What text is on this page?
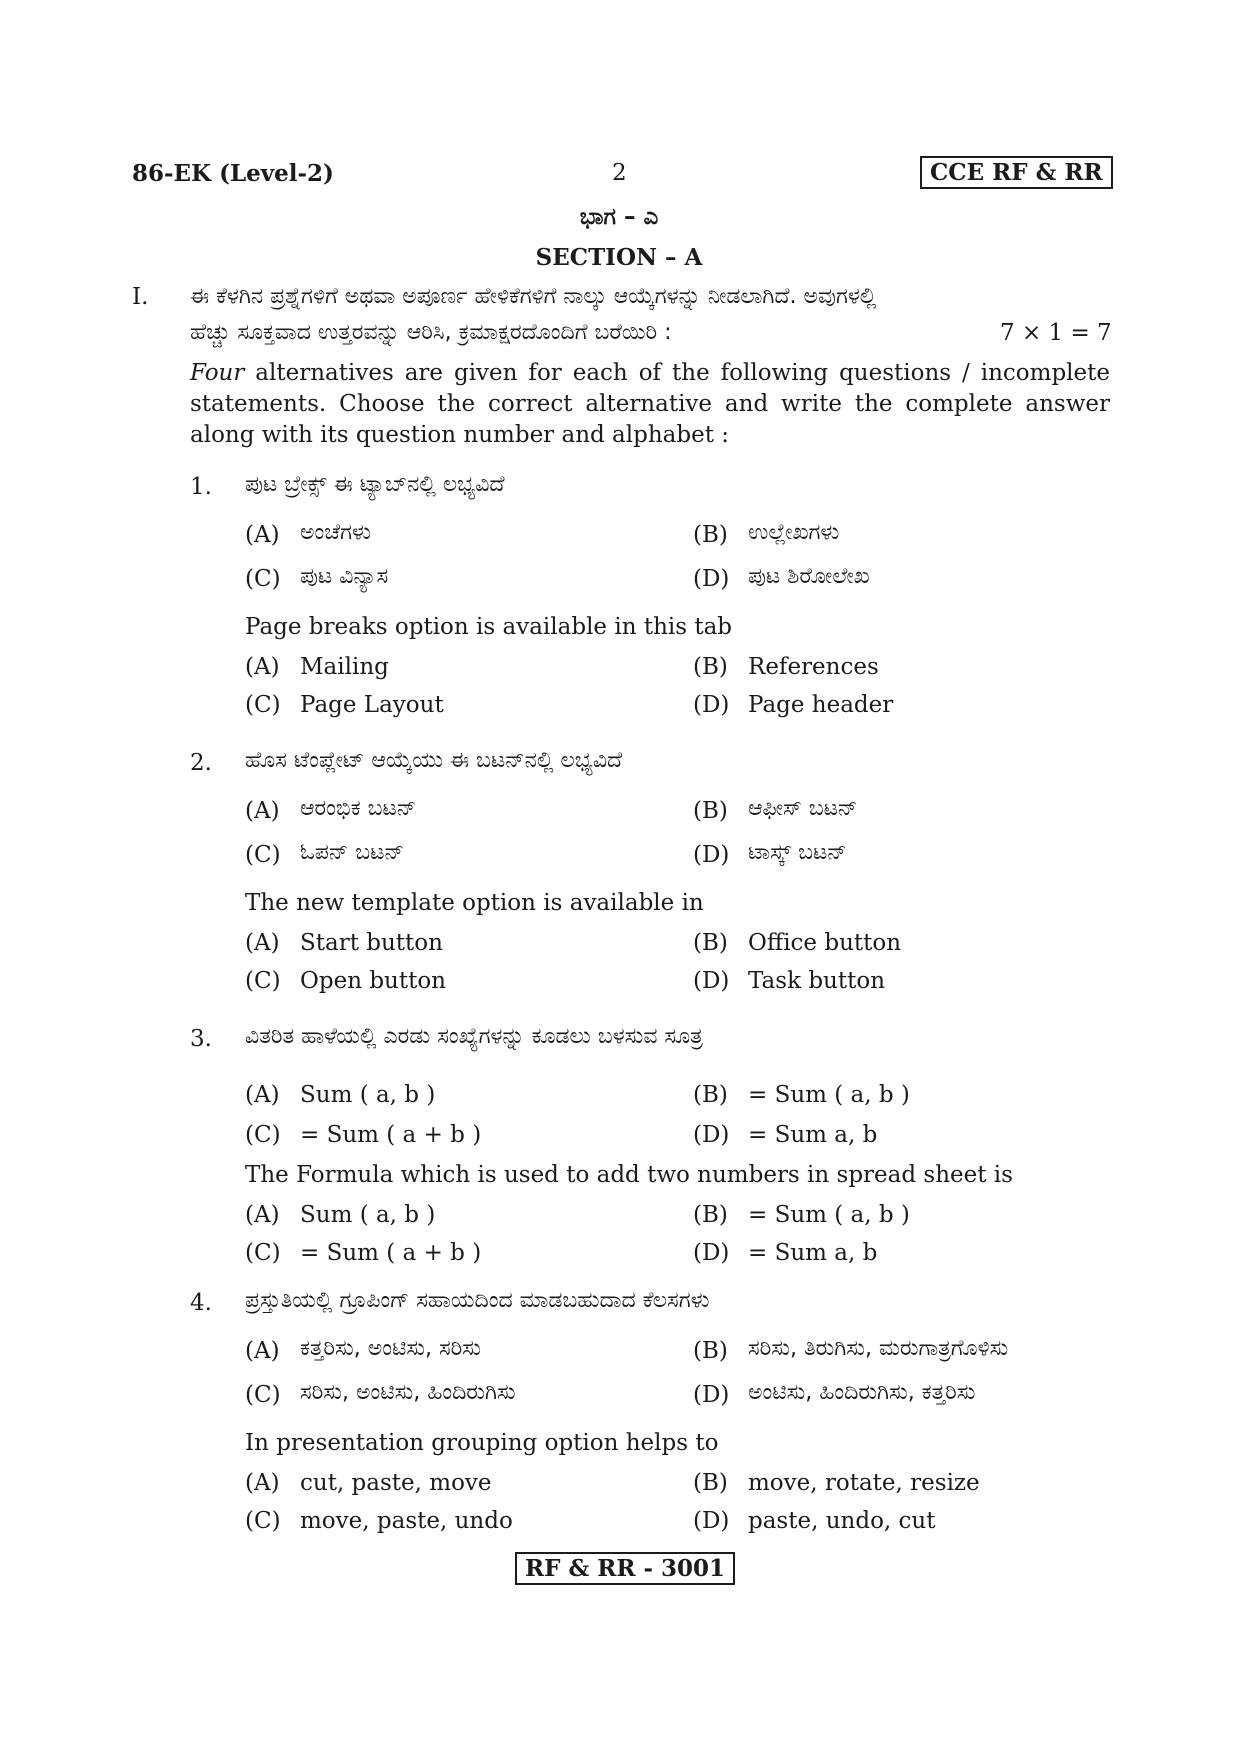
86-EK (Level-2)	2	CCE RF & RR
ಭಾಗ – ಎ
SECTION – A
I. ಈ ಕೆಳಗಿನ ಪ್ರಶ್ನೆಗಳಿಗೆ ಅಥವಾ ಅಪೂರ್ಣ ಹೇಳಿಕೆಗಳಿಗೆ ನಾಲ್ಕು ಆಯ್ಕೆಗಳನ್ನು ನೀಡಲಾಗಿದೆ. ಅವುಗಳಲ್ಲಿ
ಹೆಚ್ಚು ಸೂಕ್ತವಾದ ಉತ್ತರವನ್ನು ಆರಿಸಿ, ಕ್ರಮಾಕ್ಷರದೊಂದಿಗೆ ಬರೆಯಿರಿ :	7 × 1 = 7
Four alternatives are given for each of the following questions / incomplete statements. Choose the correct alternative and write the complete answer along with its question number and alphabet :
1. ಪುಟ ಬ್ರೇಕ್ಸ್ ಈ ಟ್ಯಾಬ್‌ನಲ್ಲಿ ಲಭ್ಯವಿದೆ
(A) ಅಂಚೆಗಳು	(B) ಉಲ್ಲೇಖಗಳು
(C) ಪುಟ ವಿನ್ಯಾಸ	(D) ಪುಟ ಶಿರೋಲೇಖ
Page breaks option is available in this tab
(A) Mailing	(B) References
(C) Page Layout	(D) Page header
2. ಹೊಸ ಟೆಂಪ್ಲೇಟ್ ಆಯ್ಕೆಯು ಈ ಬಟನ್‌ನಲ್ಲಿ ಲಭ್ಯವಿದೆ
(A) ಆರಂಭಿಕ ಬಟನ್	(B) ಆಫೀಸ್ ಬಟನ್
(C) ಓಪನ್ ಬಟನ್	(D) ಟಾಸ್ಕ್ ಬಟನ್
The new template option is available in
(A) Start button	(B) Office button
(C) Open button	(D) Task button
3. ವಿತರಿತ ಹಾಳೆಯಲ್ಲಿ ಎರಡು ಸಂಖ್ಯೆಗಳನ್ನು ಕೂಡಲು ಬಳಸುವ ಸೂತ್ರ
(A) Sum ( a, b )	(B) = Sum ( a, b )
(C) = Sum ( a + b )	(D) = Sum a, b
The Formula which is used to add two numbers in spread sheet is
(A) Sum ( a, b )	(B) = Sum ( a, b )
(C) = Sum ( a + b )	(D) = Sum a, b
4. ಪ್ರಸ್ತುತಿಯಲ್ಲಿ ಗ್ರೂಪಿಂಗ್ ಸಹಾಯದಿಂದ ಮಾಡಬಹುದಾದ ಕೆಲಸಗಳು
(A) ಕತ್ತರಿಸು, ಅಂಟಿಸು, ಸರಿಸು	(B) ಸರಿಸು, ತಿರುಗಿಸು, ಮರುಗಾತ್ರಗೊಳಿಸು
(C) ಸರಿಸು, ಅಂಟಿಸು, ಹಿಂದಿರುಗಿಸು	(D) ಅಂಟಿಸು, ಹಿಂದಿರುಗಿಸು, ಕತ್ತರಿಸು
In presentation grouping option helps to
(A) cut, paste, move	(B) move, rotate, resize
(C) move, paste, undo	(D) paste, undo, cut
RF & RR - 3001
